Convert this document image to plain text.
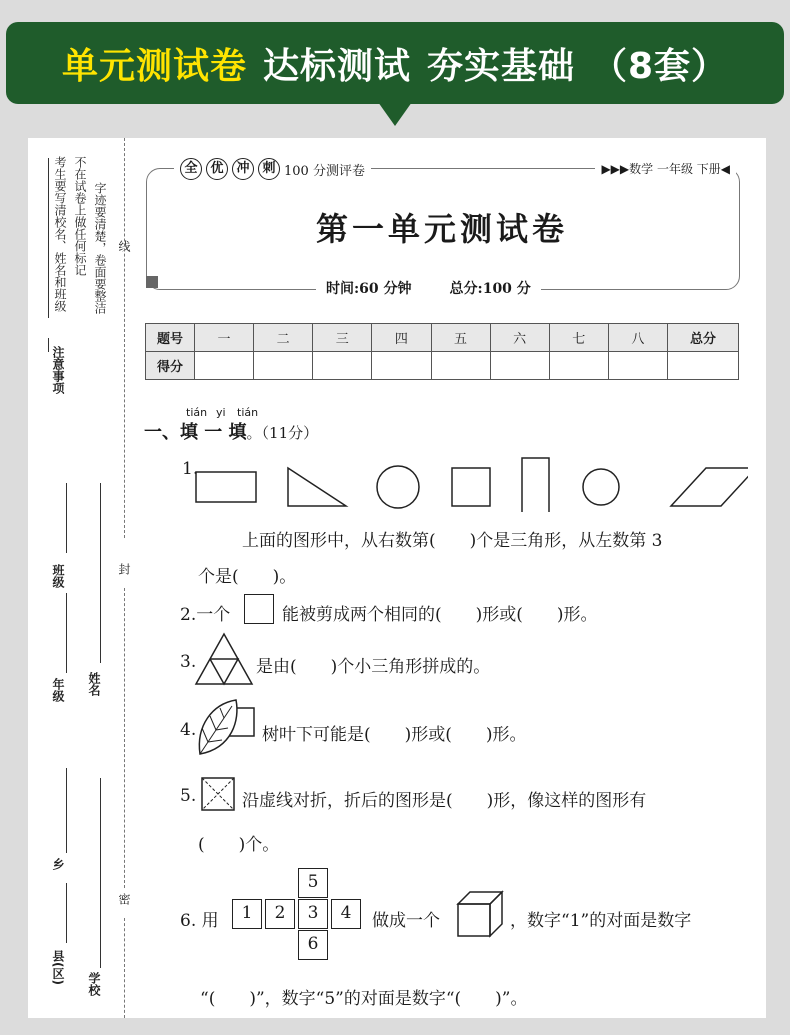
单元测试卷 达标测试 夯实基础 （8套）
考生要写清校名、姓名和班级 不在试卷上做任何标记 字迹要清楚，卷面要整洁 线
注意事项
封
密
班级
年级 姓名
乡
县(区) 学校
全 优 冲 刺 100 分测评卷	▶▶▶数学 一年级 下册◀
第一单元测试卷
时间:60 分钟	总分:100 分
题号	一	二	三	四	五	六	七	八	总分
得分									
tián yi tián
一、填 一 填。（11分）
1.
上面的图形中，从右数第(　　)个是三角形，从左数第 3
个是(　　)。
2.一个	能被剪成两个相同的(　　)形或(　　)形。
3.	是由(　　)个小三角形拼成的。
4.	树叶下可能是(　　)形或(　　)形。
5.	沿虚线对折，折后的图形是(　　)形，像这样的图形有
(　　)个。
6. 用
5
1	2	3	4
6
做成一个	，数字“1”的对面是数字
“(　　)”，数字“5”的对面是数字“(　　)”。
